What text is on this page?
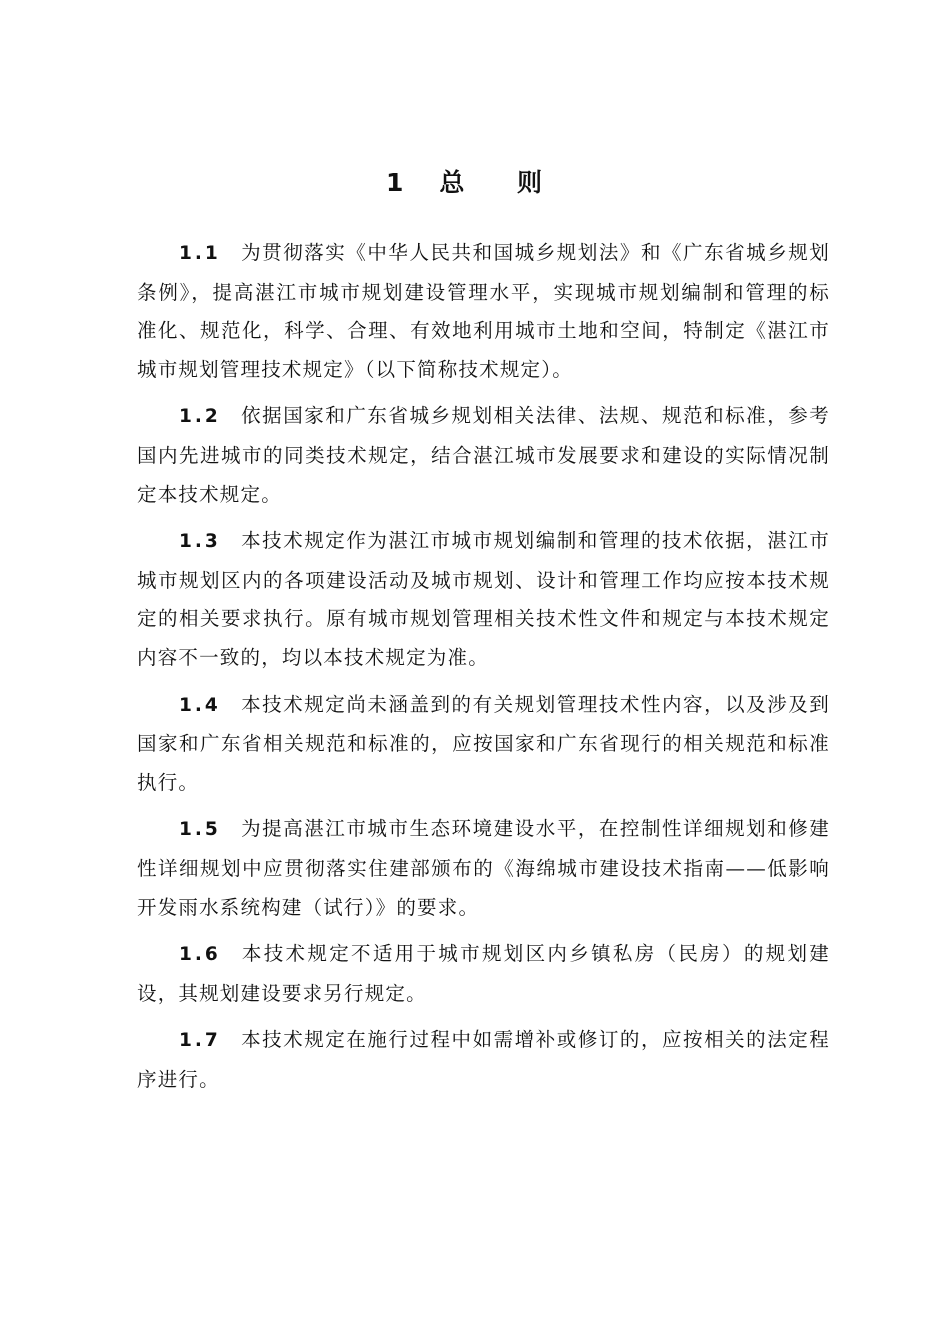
1 总 则

1.1 为贯彻落实《中华人民共和国城乡规划法》和《广东省城乡规划条例》，提高湛江市城市规划建设管理水平，实现城市规划编制和管理的标准化、规范化，科学、合理、有效地利用城市土地和空间，特制定《湛江市城市规划管理技术规定》（以下简称技术规定）。

1.2 依据国家和广东省城乡规划相关法律、法规、规范和标准，参考国内先进城市的同类技术规定，结合湛江城市发展要求和建设的实际情况制定本技术规定。

1.3 本技术规定作为湛江市城市规划编制和管理的技术依据，湛江市城市规划区内的各项建设活动及城市规划、设计和管理工作均应按本技术规定的相关要求执行。原有城市规划管理相关技术性文件和规定与本技术规定内容不一致的，均以本技术规定为准。

1.4 本技术规定尚未涵盖到的有关规划管理技术性内容，以及涉及到国家和广东省相关规范和标准的，应按国家和广东省现行的相关规范和标准执行。

1.5 为提高湛江市城市生态环境建设水平，在控制性详细规划和修建性详细规划中应贯彻落实住建部颁布的《海绵城市建设技术指南——低影响开发雨水系统构建（试行）》的要求。

1.6 本技术规定不适用于城市规划区内乡镇私房（民房）的规划建设，其规划建设要求另行规定。

1.7 本技术规定在施行过程中如需增补或修订的，应按相关的法定程序进行。
